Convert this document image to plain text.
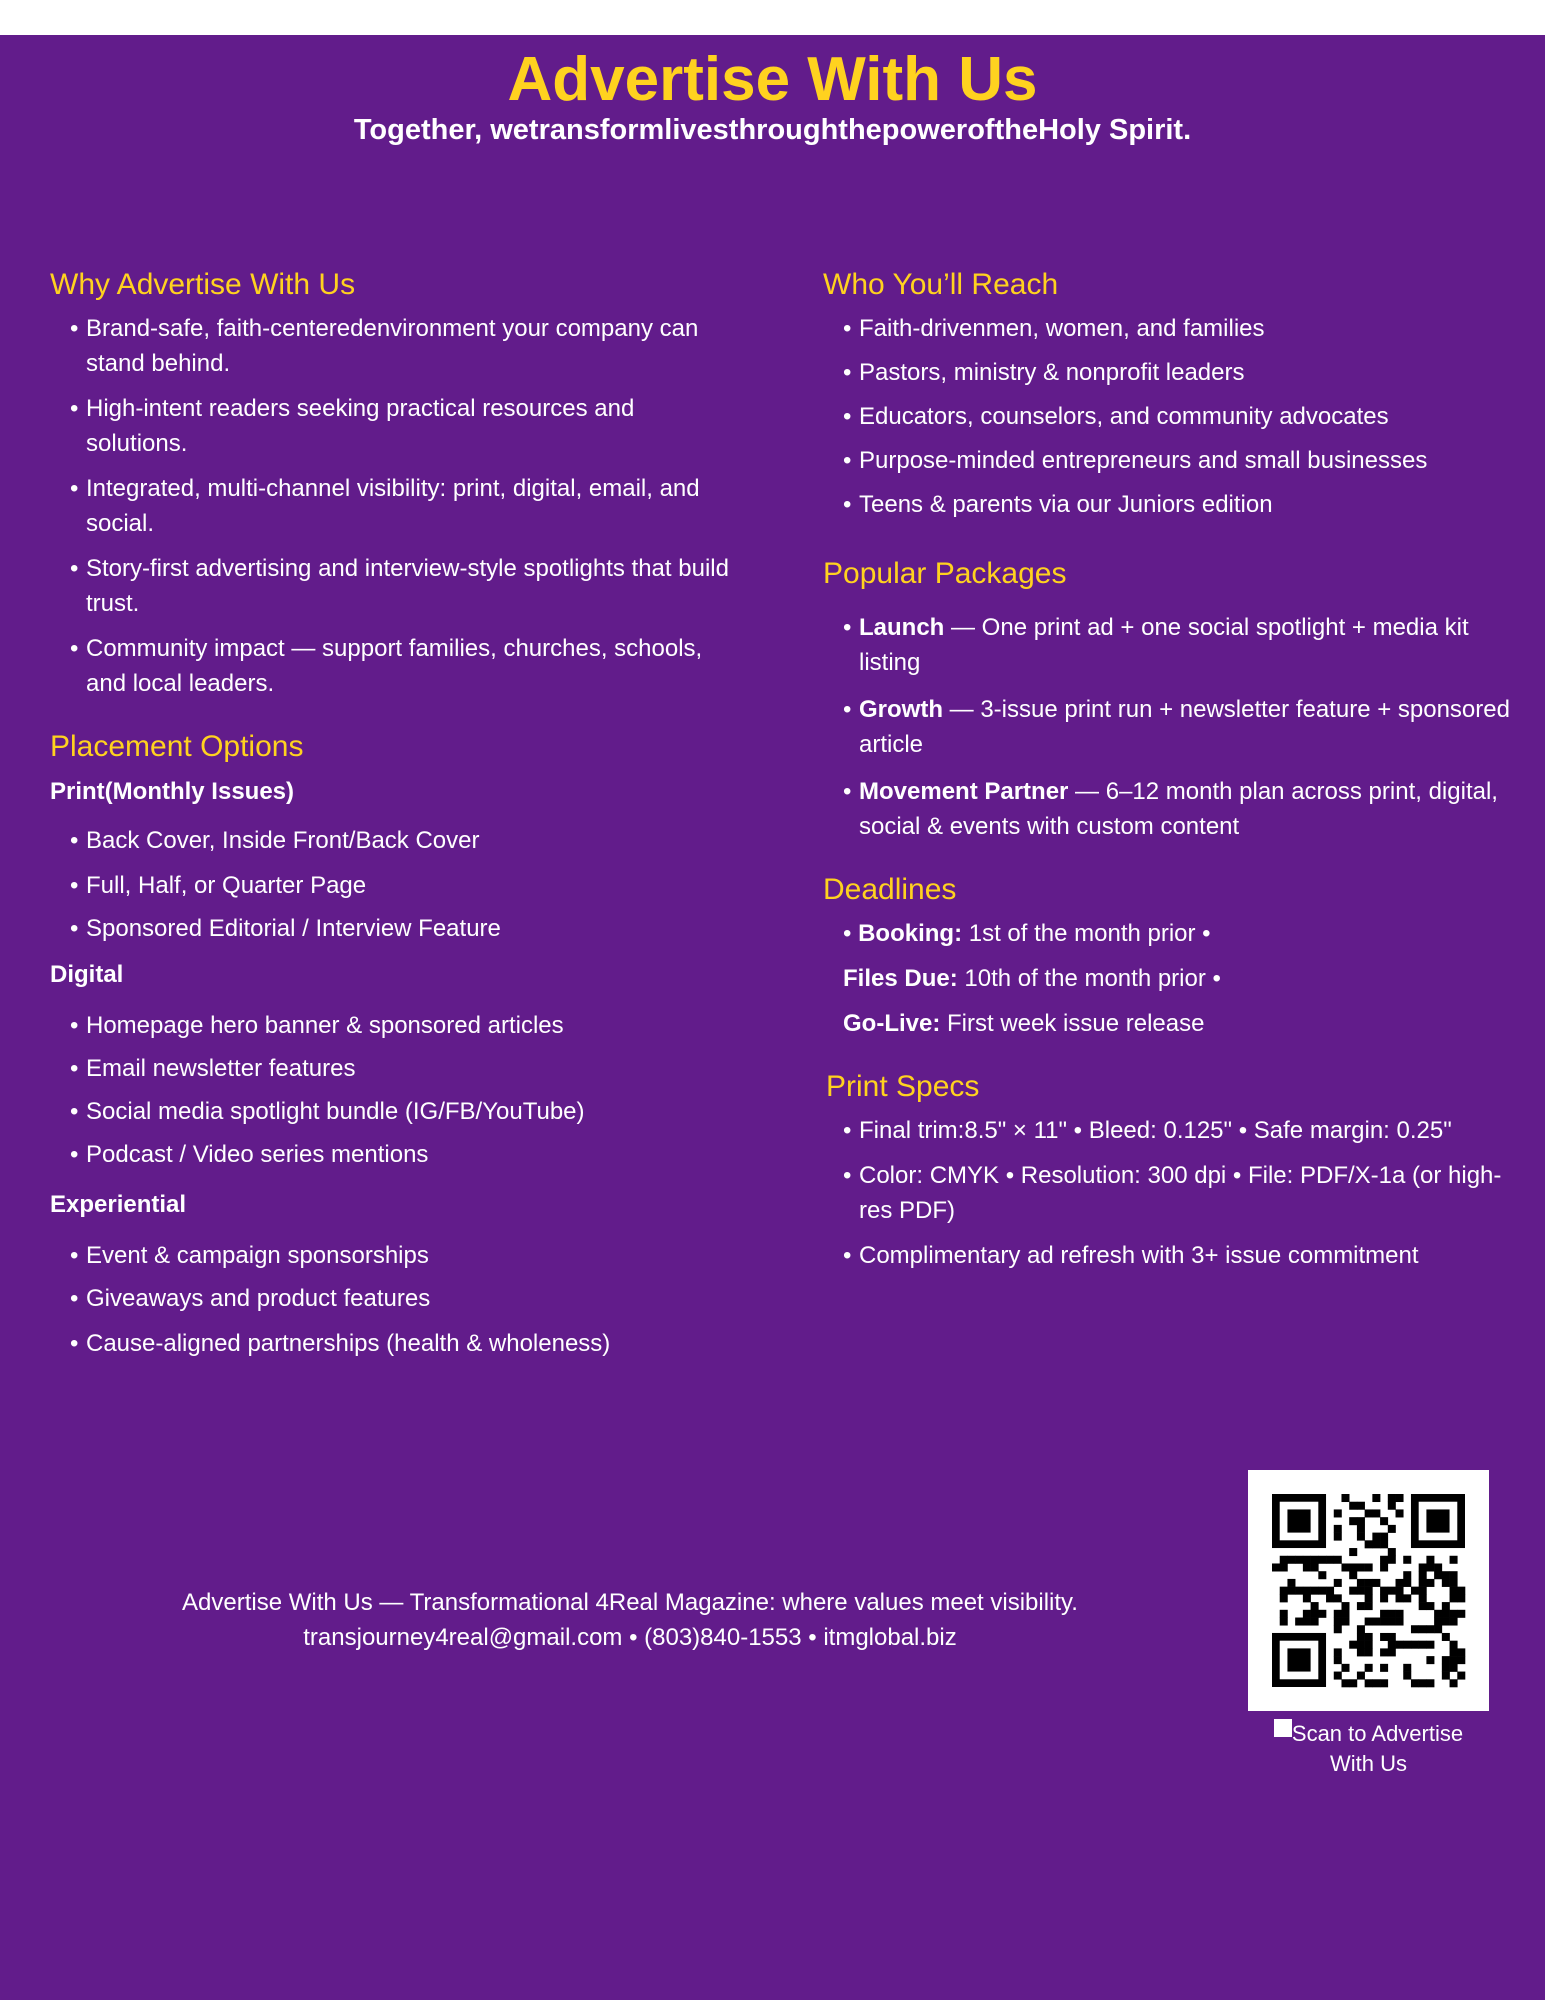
Advertise With Us
Together, wetransformlivesthroughthepoweroftheHoly Spirit.
Why Advertise With Us
• Brand-safe, faith-centeredenvironment your company can stand behind.
• High-intent readers seeking practical resources and solutions.
• Integrated, multi-channel visibility: print, digital, email, and social.
• Story-first advertising and interview-style spotlights that build trust.
• Community impact — support families, churches, schools, and local leaders.
Placement Options
Print(Monthly Issues)
• Back Cover, Inside Front/Back Cover
• Full, Half, or Quarter Page
• Sponsored Editorial / Interview Feature
Digital
• Homepage hero banner & sponsored articles
• Email newsletter features
• Social media spotlight bundle (IG/FB/YouTube)
• Podcast / Video series mentions
Experiential
• Event & campaign sponsorships
• Giveaways and product features
• Cause-aligned partnerships (health & wholeness)
Who You’ll Reach
• Faith-drivenmen, women, and families
• Pastors, ministry & nonprofit leaders
• Educators, counselors, and community advocates
• Purpose-minded entrepreneurs and small businesses
• Teens & parents via our Juniors edition
Popular Packages
• Launch — One print ad + one social spotlight + media kit listing
• Growth — 3-issue print run + newsletter feature + sponsored article
• Movement Partner — 6–12 month plan across print, digital, social & events with custom content
Deadlines
• Booking: 1st of the month prior •
Files Due: 10th of the month prior •
Go-Live: First week issue release
Print Specs
• Final trim:8.5" × 11" • Bleed: 0.125" • Safe margin: 0.25"
• Color: CMYK • Resolution: 300 dpi • File: PDF/X-1a (or high-res PDF)
• Complimentary ad refresh with 3+ issue commitment
Advertise With Us — Transformational 4Real Magazine: where values meet visibility.
transjourney4real@gmail.com • (803)840-1553 • itmglobal.biz
Scan to Advertise
With Us
